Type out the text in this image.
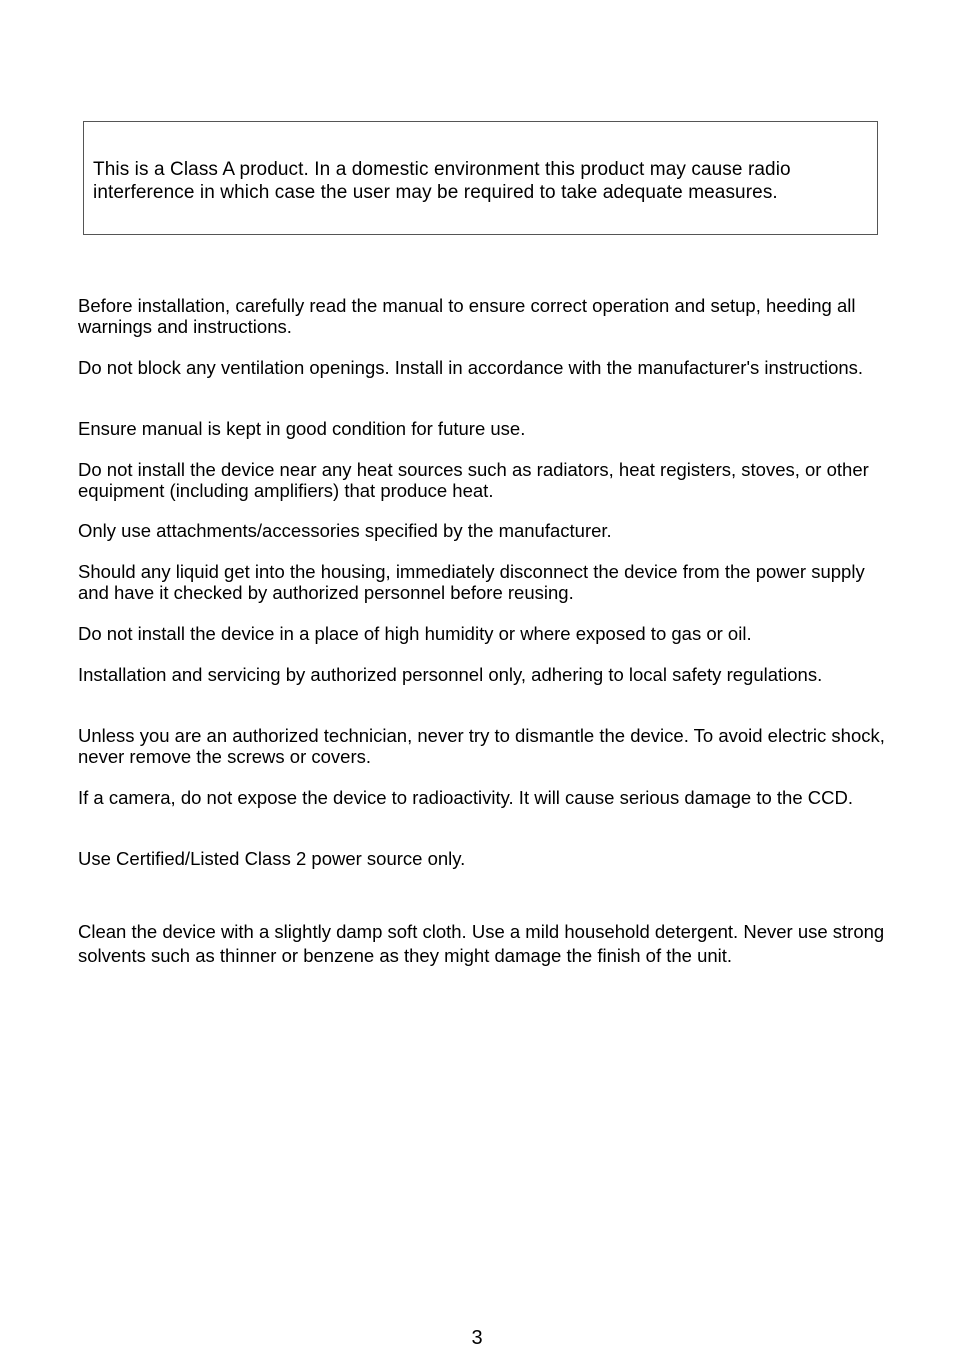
This is a Class A product. In a domestic environment this product may cause radio interference in which case the user may be required to take adequate measures.

Before installation, carefully read the manual to ensure correct operation and setup, heeding all warnings and instructions.

Do not block any ventilation openings. Install in accordance with the manufacturer's instructions.

Ensure manual is kept in good condition for future use.

Do not install the device near any heat sources such as radiators, heat registers, stoves, or other equipment (including amplifiers) that produce heat.

Only use attachments/accessories specified by the manufacturer.

Should any liquid get into the housing, immediately disconnect the device from the power supply and have it checked by authorized personnel before reusing.

Do not install the device in a place of high humidity or where exposed to gas or oil.

Installation and servicing by authorized personnel only, adhering to local safety regulations.

Unless you are an authorized technician, never try to dismantle the device. To avoid electric shock, never remove the screws or covers.

If a camera, do not expose the device to radioactivity. It will cause serious damage to the CCD.

Use Certified/Listed Class 2 power source only.

Clean the device with a slightly damp soft cloth. Use a mild household detergent. Never use strong solvents such as thinner or benzene as they might damage the finish of the unit.

3
